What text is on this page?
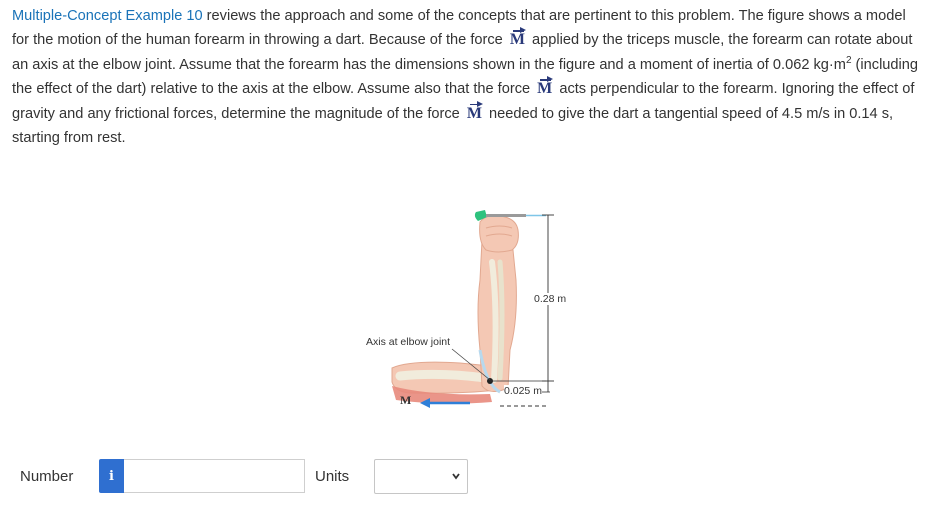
Multiple-Concept Example 10 reviews the approach and some of the concepts that are pertinent to this problem. The figure shows a model for the motion of the human forearm in throwing a dart. Because of the force M applied by the triceps muscle, the forearm can rotate about an axis at the elbow joint. Assume that the forearm has the dimensions shown in the figure and a moment of inertia of 0.062 $kg\cdot m^2$ (including the effect of the dart) relative to the axis at the elbow. Assume also that the force M acts perpendicular to the forearm. Ignoring the effect of gravity and any frictional forces, determine the magnitude of the force M needed to give the dart a tangential speed of 4.5 m/s in 0.14 s, starting from rest.
Axis at elbow joint
0.28 m
0.025 m
M
Number	i	Units
